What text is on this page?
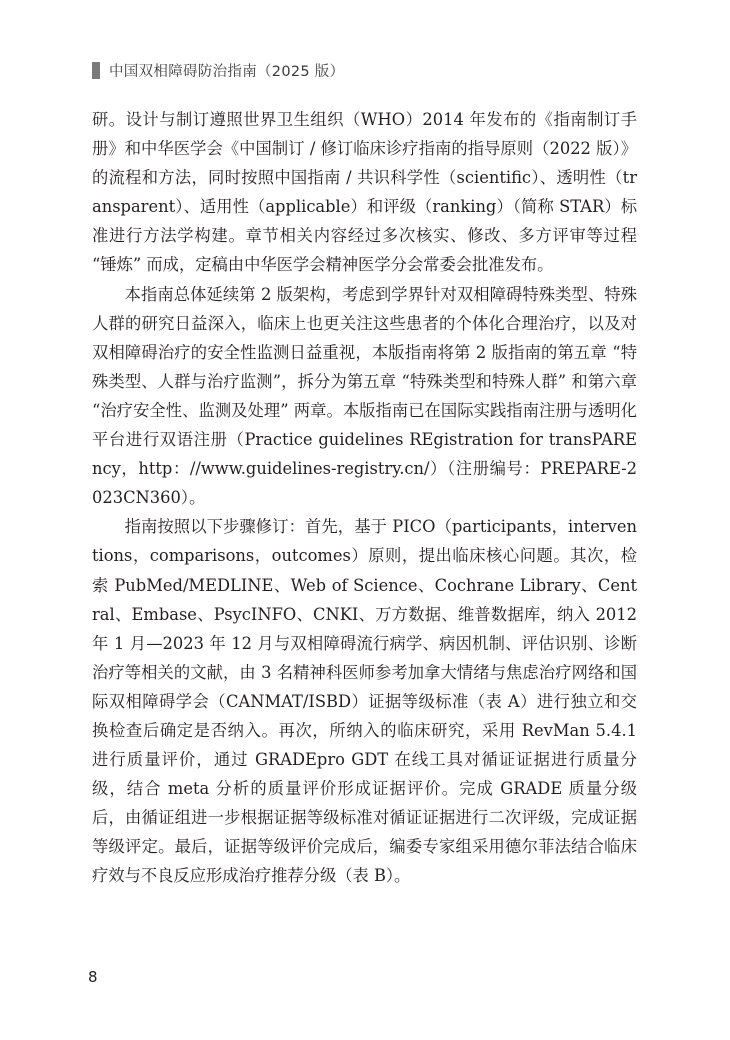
中国双相障碍防治指南（2025 版）

研。设计与制订遵照世界卫生组织（WHO）2014 年发布的《指南制订手册》和中华医学会《中国制订 / 修订临床诊疗指南的指导原则（2022 版）》的流程和方法，同时按照中国指南 / 共识科学性（scientific）、透明性（transparent）、适用性（applicable）和评级（ranking）（简称 STAR）标准进行方法学构建。章节相关内容经过多次核实、修改、多方评审等过程 “锤炼” 而成，定稿由中华医学会精神医学分会常委会批准发布。

本指南总体延续第 2 版架构，考虑到学界针对双相障碍特殊类型、特殊人群的研究日益深入，临床上也更关注这些患者的个体化合理治疗，以及对双相障碍治疗的安全性监测日益重视，本版指南将第 2 版指南的第五章 “特殊类型、人群与治疗监测”，拆分为第五章 “特殊类型和特殊人群” 和第六章 “治疗安全性、监测及处理” 两章。本版指南已在国际实践指南注册与透明化平台进行双语注册（Practice guidelines REgistration for transPAREncy，http：//www.guidelines-registry.cn/）（注册编号：PREPARE-2023CN360）。

指南按照以下步骤修订：首先，基于 PICO（participants，interventions，comparisons，outcomes）原则，提出临床核心问题。其次，检索 PubMed/MEDLINE、Web of Science、Cochrane Library、Central、Embase、PsycINFO、CNKI、万方数据、维普数据库，纳入 2012 年 1 月—2023 年 12 月与双相障碍流行病学、病因机制、评估识别、诊断治疗等相关的文献，由 3 名精神科医师参考加拿大情绪与焦虑治疗网络和国际双相障碍学会（CANMAT/ISBD）证据等级标准（表 A）进行独立和交换检查后确定是否纳入。再次，所纳入的临床研究，采用 RevMan 5.4.1 进行质量评价，通过 GRADEpro GDT 在线工具对循证证据进行质量分级，结合 meta 分析的质量评价形成证据评价。完成 GRADE 质量分级后，由循证组进一步根据证据等级标准对循证证据进行二次评级，完成证据等级评定。最后，证据等级评价完成后，编委专家组采用德尔菲法结合临床疗效与不良反应形成治疗推荐分级（表 B）。

8
